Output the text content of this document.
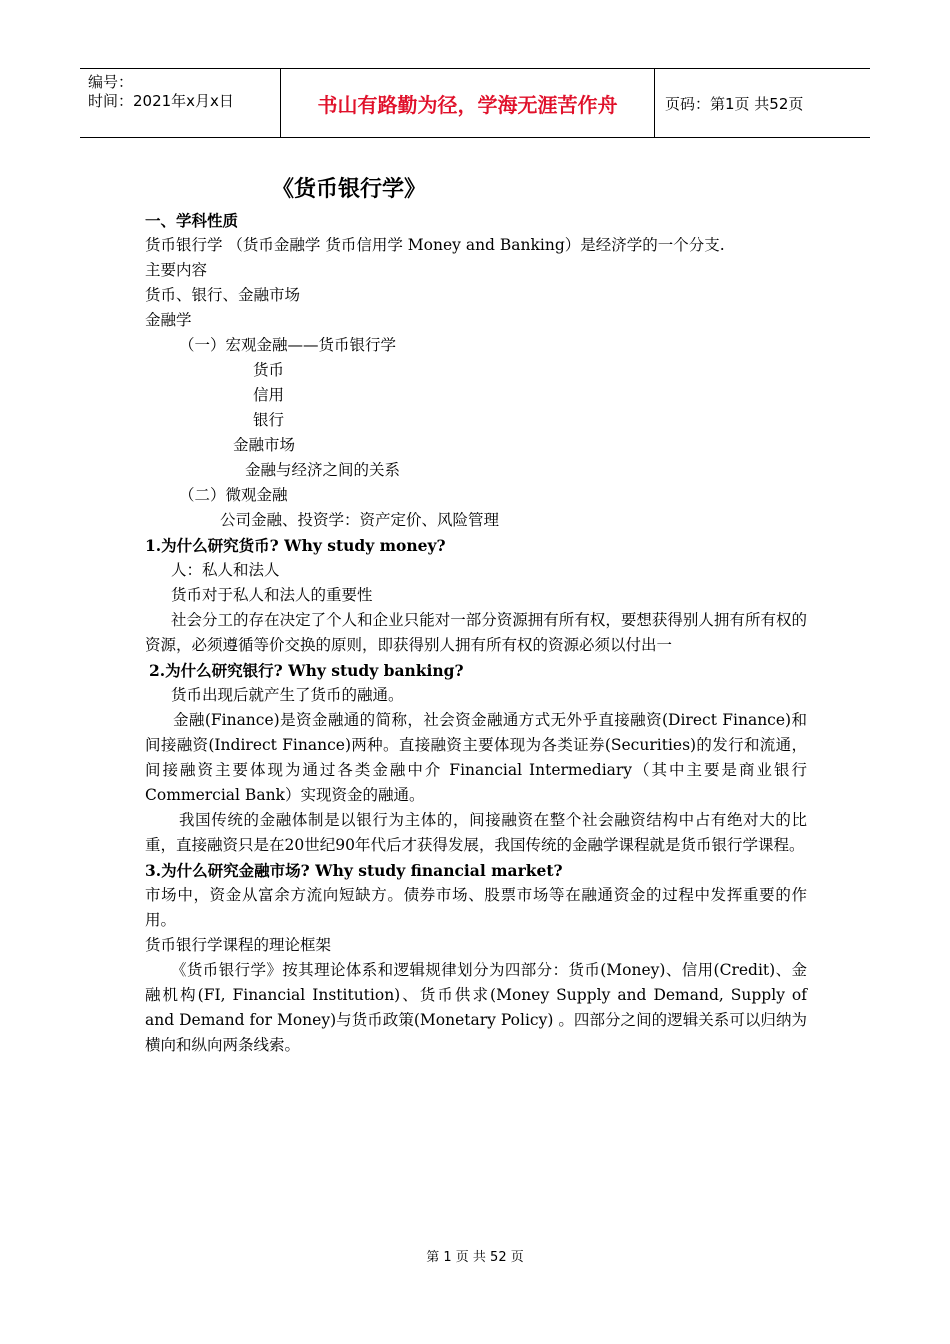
编号：
时间：2021年x月x日	书山有路勤为径，学海无涯苦作舟	页码：第1页 共52页
《货币银行学》

一、学科性质

货币银行学 （货币金融学 货币信用学 Money and Banking）是经济学的一个分支.

主要内容

货币、银行、金融市场

金融学

（一）宏观金融——货币银行学

货币

信用

银行

金融市场

金融与经济之间的关系

（二）微观金融

公司金融、投资学：资产定价、风险管理

1.为什么研究货币? Why study money?

人：私人和法人

货币对于私人和法人的重要性

社会分工的存在决定了个人和企业只能对一部分资源拥有所有权，要想获得别人拥有所有权的资源，必须遵循等价交换的原则，即获得别人拥有所有权的资源必须以付出一

2.为什么研究银行? Why study banking?

货币出现后就产生了货币的融通。

金融(Finance)是资金融通的简称，社会资金融通方式无外乎直接融资(Direct Finance)和间接融资(Indirect Finance)两种。直接融资主要体现为各类证券(Securities)的发行和流通，间接融资主要体现为通过各类金融中介 Financial Intermediary（其中主要是商业银行 Commercial Bank）实现资金的融通。

我国传统的金融体制是以银行为主体的，间接融资在整个社会融资结构中占有绝对大的比重，直接融资只是在20世纪90年代后才获得发展，我国传统的金融学课程就是货币银行学课程。

3.为什么研究金融市场? Why study financial market?

市场中，资金从富余方流向短缺方。债券市场、股票市场等在融通资金的过程中发挥重要的作用。

货币银行学课程的理论框架

《货币银行学》按其理论体系和逻辑规律划分为四部分：货币(Money)、信用(Credit)、金融机构(FI, Financial Institution)、货币供求(Money Supply and Demand, Supply of and Demand for Money)与货币政策(Monetary Policy) 。四部分之间的逻辑关系可以归纳为横向和纵向两条线索。

第 1 页 共 52 页
